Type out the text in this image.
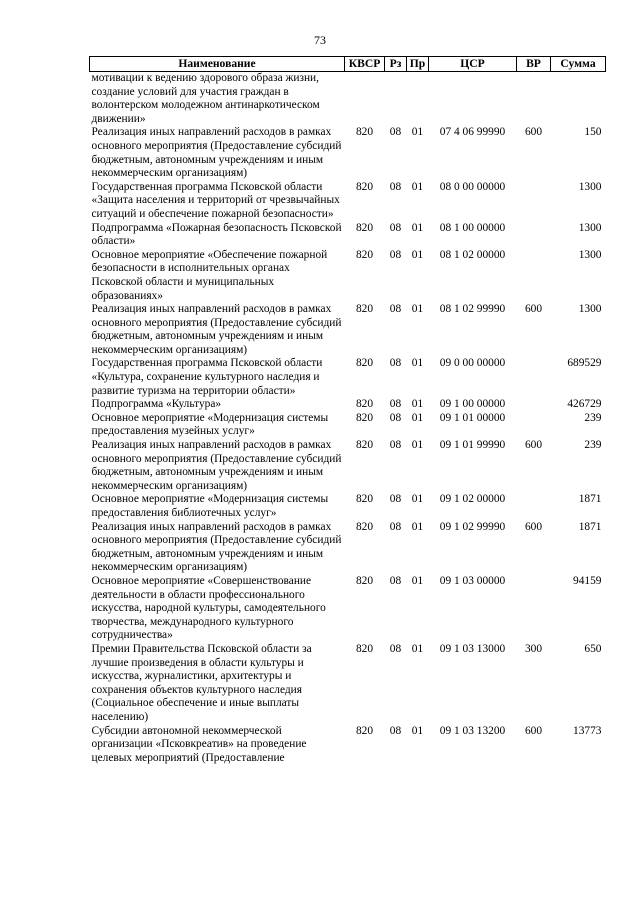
73
Наименование	КВСР	Рз	Пр	ЦСР	ВР	Сумма
мотивации к ведению здорового образа жизни, создание условий для участия граждан в волонтерском молодежном антинаркотическом движении»						
Реализация иных направлений расходов в рамках основного мероприятия (Предоставление субсидий бюджетным, автономным учреждениям и иным некоммерческим организациям)	820	08	01	07 4 06 99990	600	150
Государственная программа Псковской области «Защита населения и территорий от чрезвычайных ситуаций и обеспечение пожарной безопасности»	820	08	01	08 0 00 00000		1300
Подпрограмма «Пожарная безопасность Псковской области»	820	08	01	08 1 00 00000		1300
Основное мероприятие «Обеспечение пожарной безопасности в исполнительных органах Псковской области и муниципальных образованиях»	820	08	01	08 1 02 00000		1300
Реализация иных направлений расходов в рамках основного мероприятия (Предоставление субсидий бюджетным, автономным учреждениям и иным некоммерческим организациям)	820	08	01	08 1 02 99990	600	1300
Государственная программа Псковской области «Культура, сохранение культурного наследия и развитие туризма на территории области»	820	08	01	09 0 00 00000		689529
Подпрограмма «Культура»	820	08	01	09 1 00 00000		426729
Основное мероприятие «Модернизация системы предоставления музейных услуг»	820	08	01	09 1 01 00000		239
Реализация иных направлений расходов в рамках основного мероприятия (Предоставление субсидий бюджетным, автономным учреждениям и иным некоммерческим организациям)	820	08	01	09 1 01 99990	600	239
Основное мероприятие «Модернизация системы предоставления библиотечных услуг»	820	08	01	09 1 02 00000		1871
Реализация иных направлений расходов в рамках основного мероприятия (Предоставление субсидий бюджетным, автономным учреждениям и иным некоммерческим организациям)	820	08	01	09 1 02 99990	600	1871
Основное мероприятие «Совершенствование деятельности в области профессионального искусства, народной культуры, самодеятельного творчества, международного культурного сотрудничества»	820	08	01	09 1 03 00000		94159
Премии Правительства Псковской области за лучшие произведения в области культуры и искусства, журналистики, архитектуры и сохранения объектов культурного наследия (Социальное обеспечение и иные выплаты населению)	820	08	01	09 1 03 13000	300	650
Субсидии автономной некоммерческой организации «Псковкреатив» на проведение целевых мероприятий (Предоставление	820	08	01	09 1 03 13200	600	13773
